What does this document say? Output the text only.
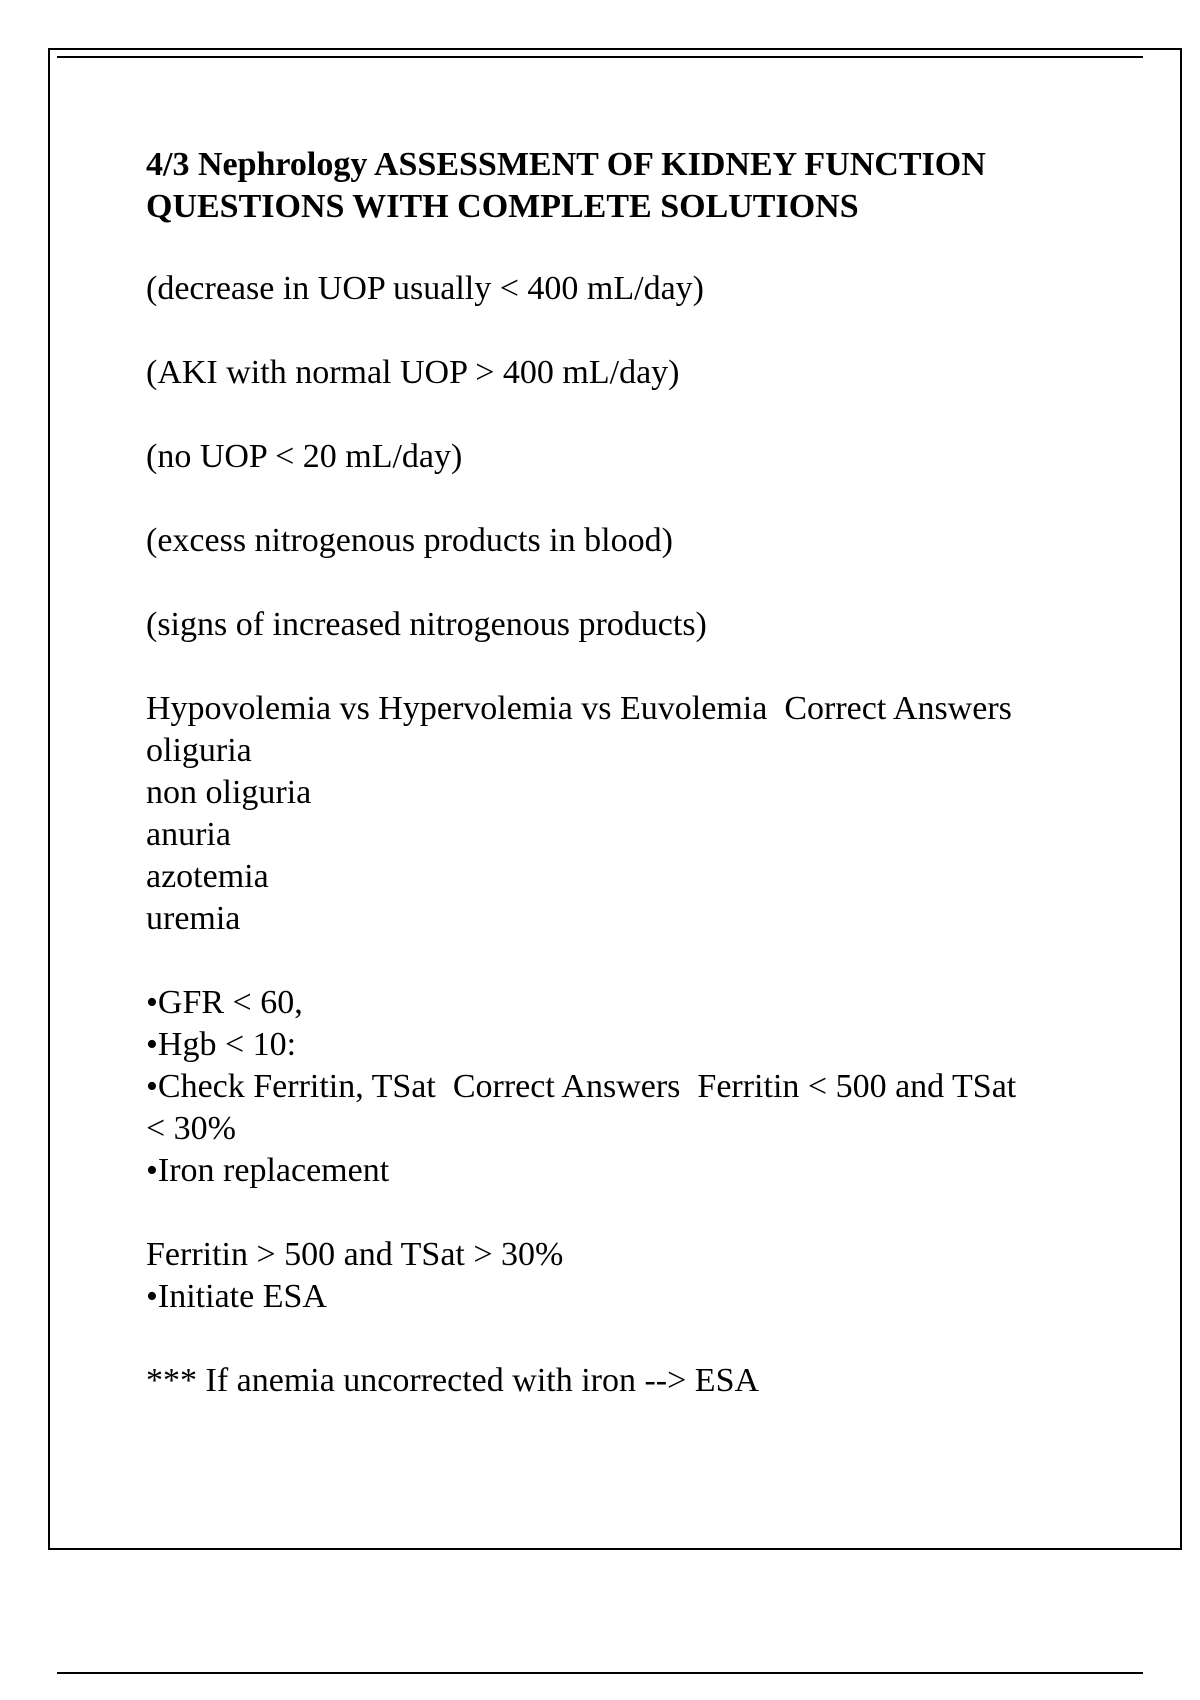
4/3 Nephrology ASSESSMENT OF KIDNEY FUNCTION
QUESTIONS WITH COMPLETE SOLUTIONS

(decrease in UOP usually < 400 mL/day)

(AKI with normal UOP > 400 mL/day)

(no UOP < 20 mL/day)

(excess nitrogenous products in blood)

(signs of increased nitrogenous products)

Hypovolemia vs Hypervolemia vs Euvolemia  Correct Answers
oliguria
non oliguria
anuria
azotemia
uremia

•GFR < 60,
•Hgb < 10:
•Check Ferritin, TSat  Correct Answers  Ferritin < 500 and TSat
< 30%
•Iron replacement

Ferritin > 500 and TSat > 30%
•Initiate ESA

*** If anemia uncorrected with iron --> ESA
